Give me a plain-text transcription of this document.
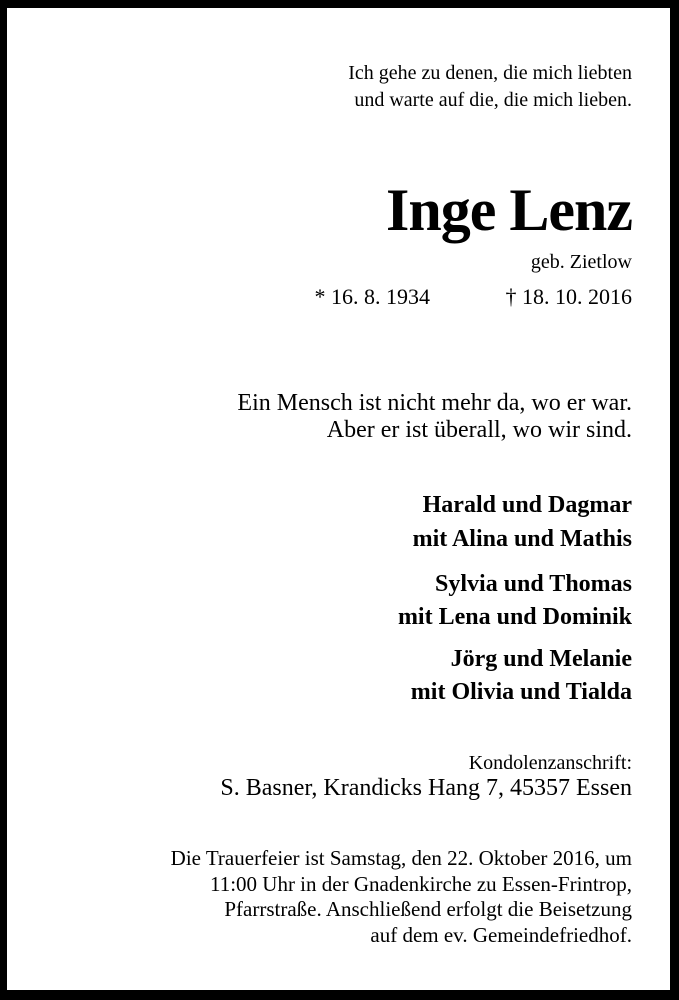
Ich gehe zu denen, die mich liebten
und warte auf die, die mich lieben.
Inge Lenz
geb. Zietlow
* 16. 8. 1934	† 18. 10. 2016
Ein Mensch ist nicht mehr da, wo er war.
Aber er ist überall, wo wir sind.
Harald und Dagmar
mit Alina und Mathis
Sylvia und Thomas
mit Lena und Dominik
Jörg und Melanie
mit Olivia und Tialda
Kondolenzanschrift:
S. Basner, Krandicks Hang 7, 45357 Essen
Die Trauerfeier ist Samstag, den 22. Oktober 2016, um
11:00 Uhr in der Gnadenkirche zu Essen-Frintrop,
Pfarrstraße. Anschließend erfolgt die Beisetzung
auf dem ev. Gemeindefriedhof.
